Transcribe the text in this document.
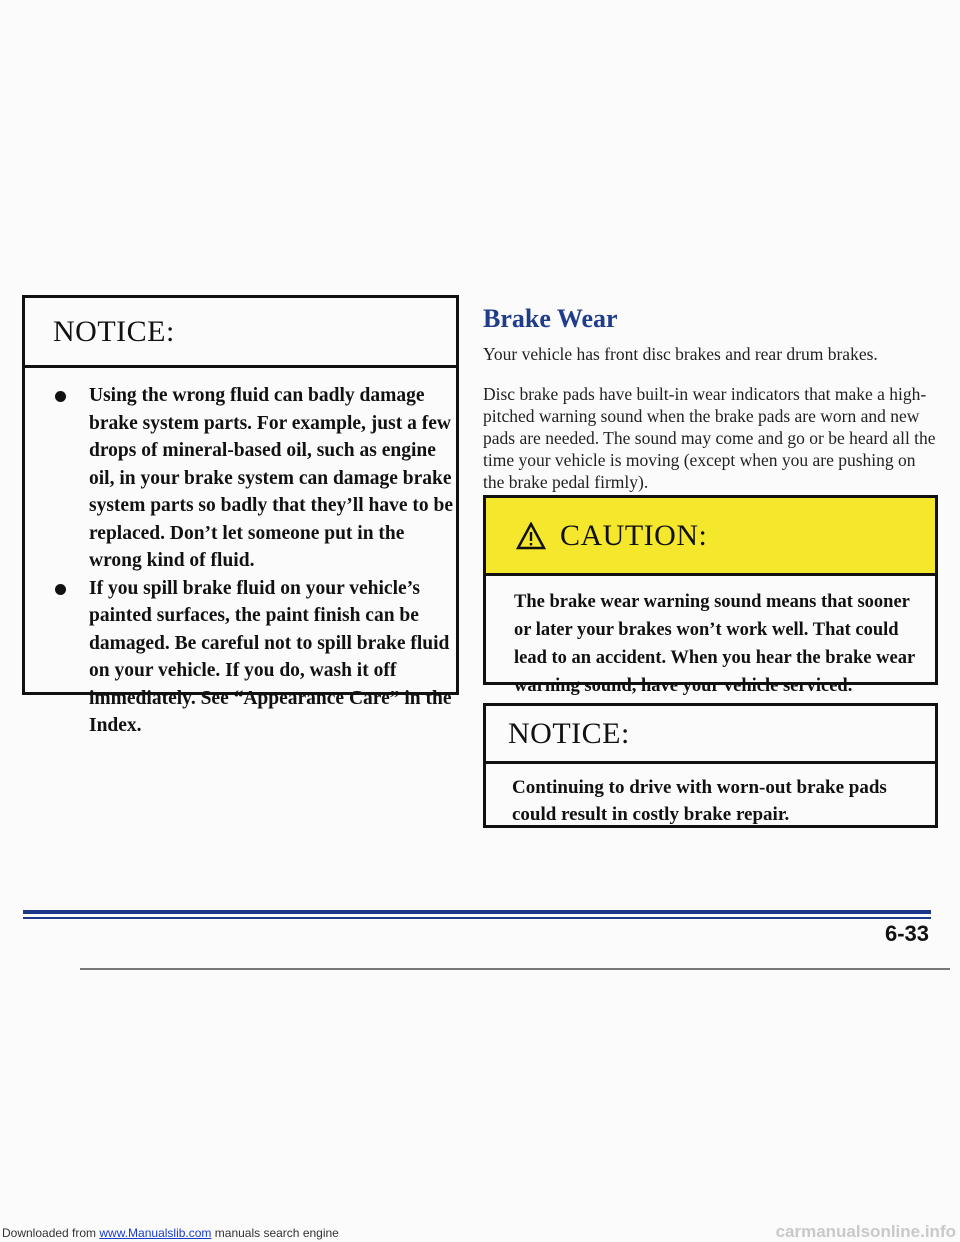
NOTICE:
Using the wrong fluid can badly damage brake system parts. For example, just a few drops of mineral-based oil, such as engine oil, in your brake system can damage brake system parts so badly that they’ll have to be replaced. Don’t let someone put in the wrong kind of fluid.
If you spill brake fluid on your vehicle’s painted surfaces, the paint finish can be damaged. Be careful not to spill brake fluid on your vehicle. If you do, wash it off immediately. See “Appearance Care” in the Index.
Brake Wear
Your vehicle has front disc brakes and rear drum brakes.
Disc brake pads have built-in wear indicators that make a high-pitched warning sound when the brake pads are worn and new pads are needed. The sound may come and go or be heard all the time your vehicle is moving (except when you are pushing on the brake pedal firmly).
CAUTION:
The brake wear warning sound means that sooner or later your brakes won’t work well. That could lead to an accident. When you hear the brake wear warning sound, have your vehicle serviced.
NOTICE:
Continuing to drive with worn-out brake pads could result in costly brake repair.
6-33
Downloaded from www.Manualslib.com manuals search engine	carmanualsonline.info
